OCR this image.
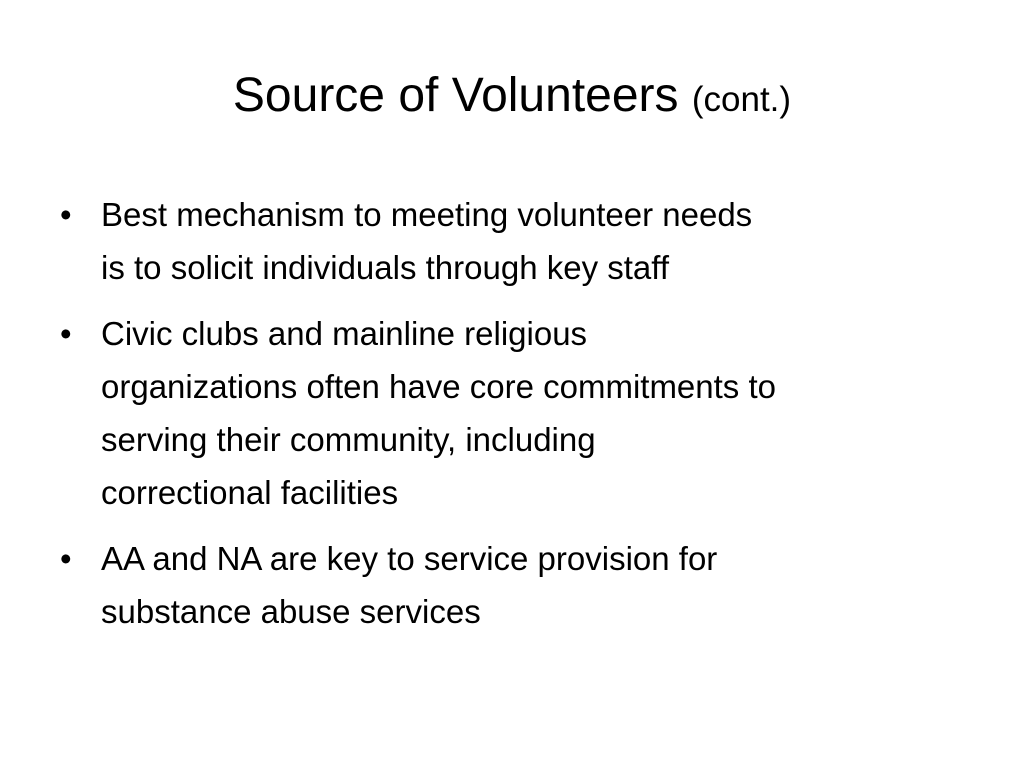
Source of Volunteers (cont.)
• Best mechanism to meeting volunteer needs
is to solicit individuals through key staff
• Civic clubs and mainline religious
organizations often have core commitments to
serving their community, including
correctional facilities
• AA and NA are key to service provision for
substance abuse services
